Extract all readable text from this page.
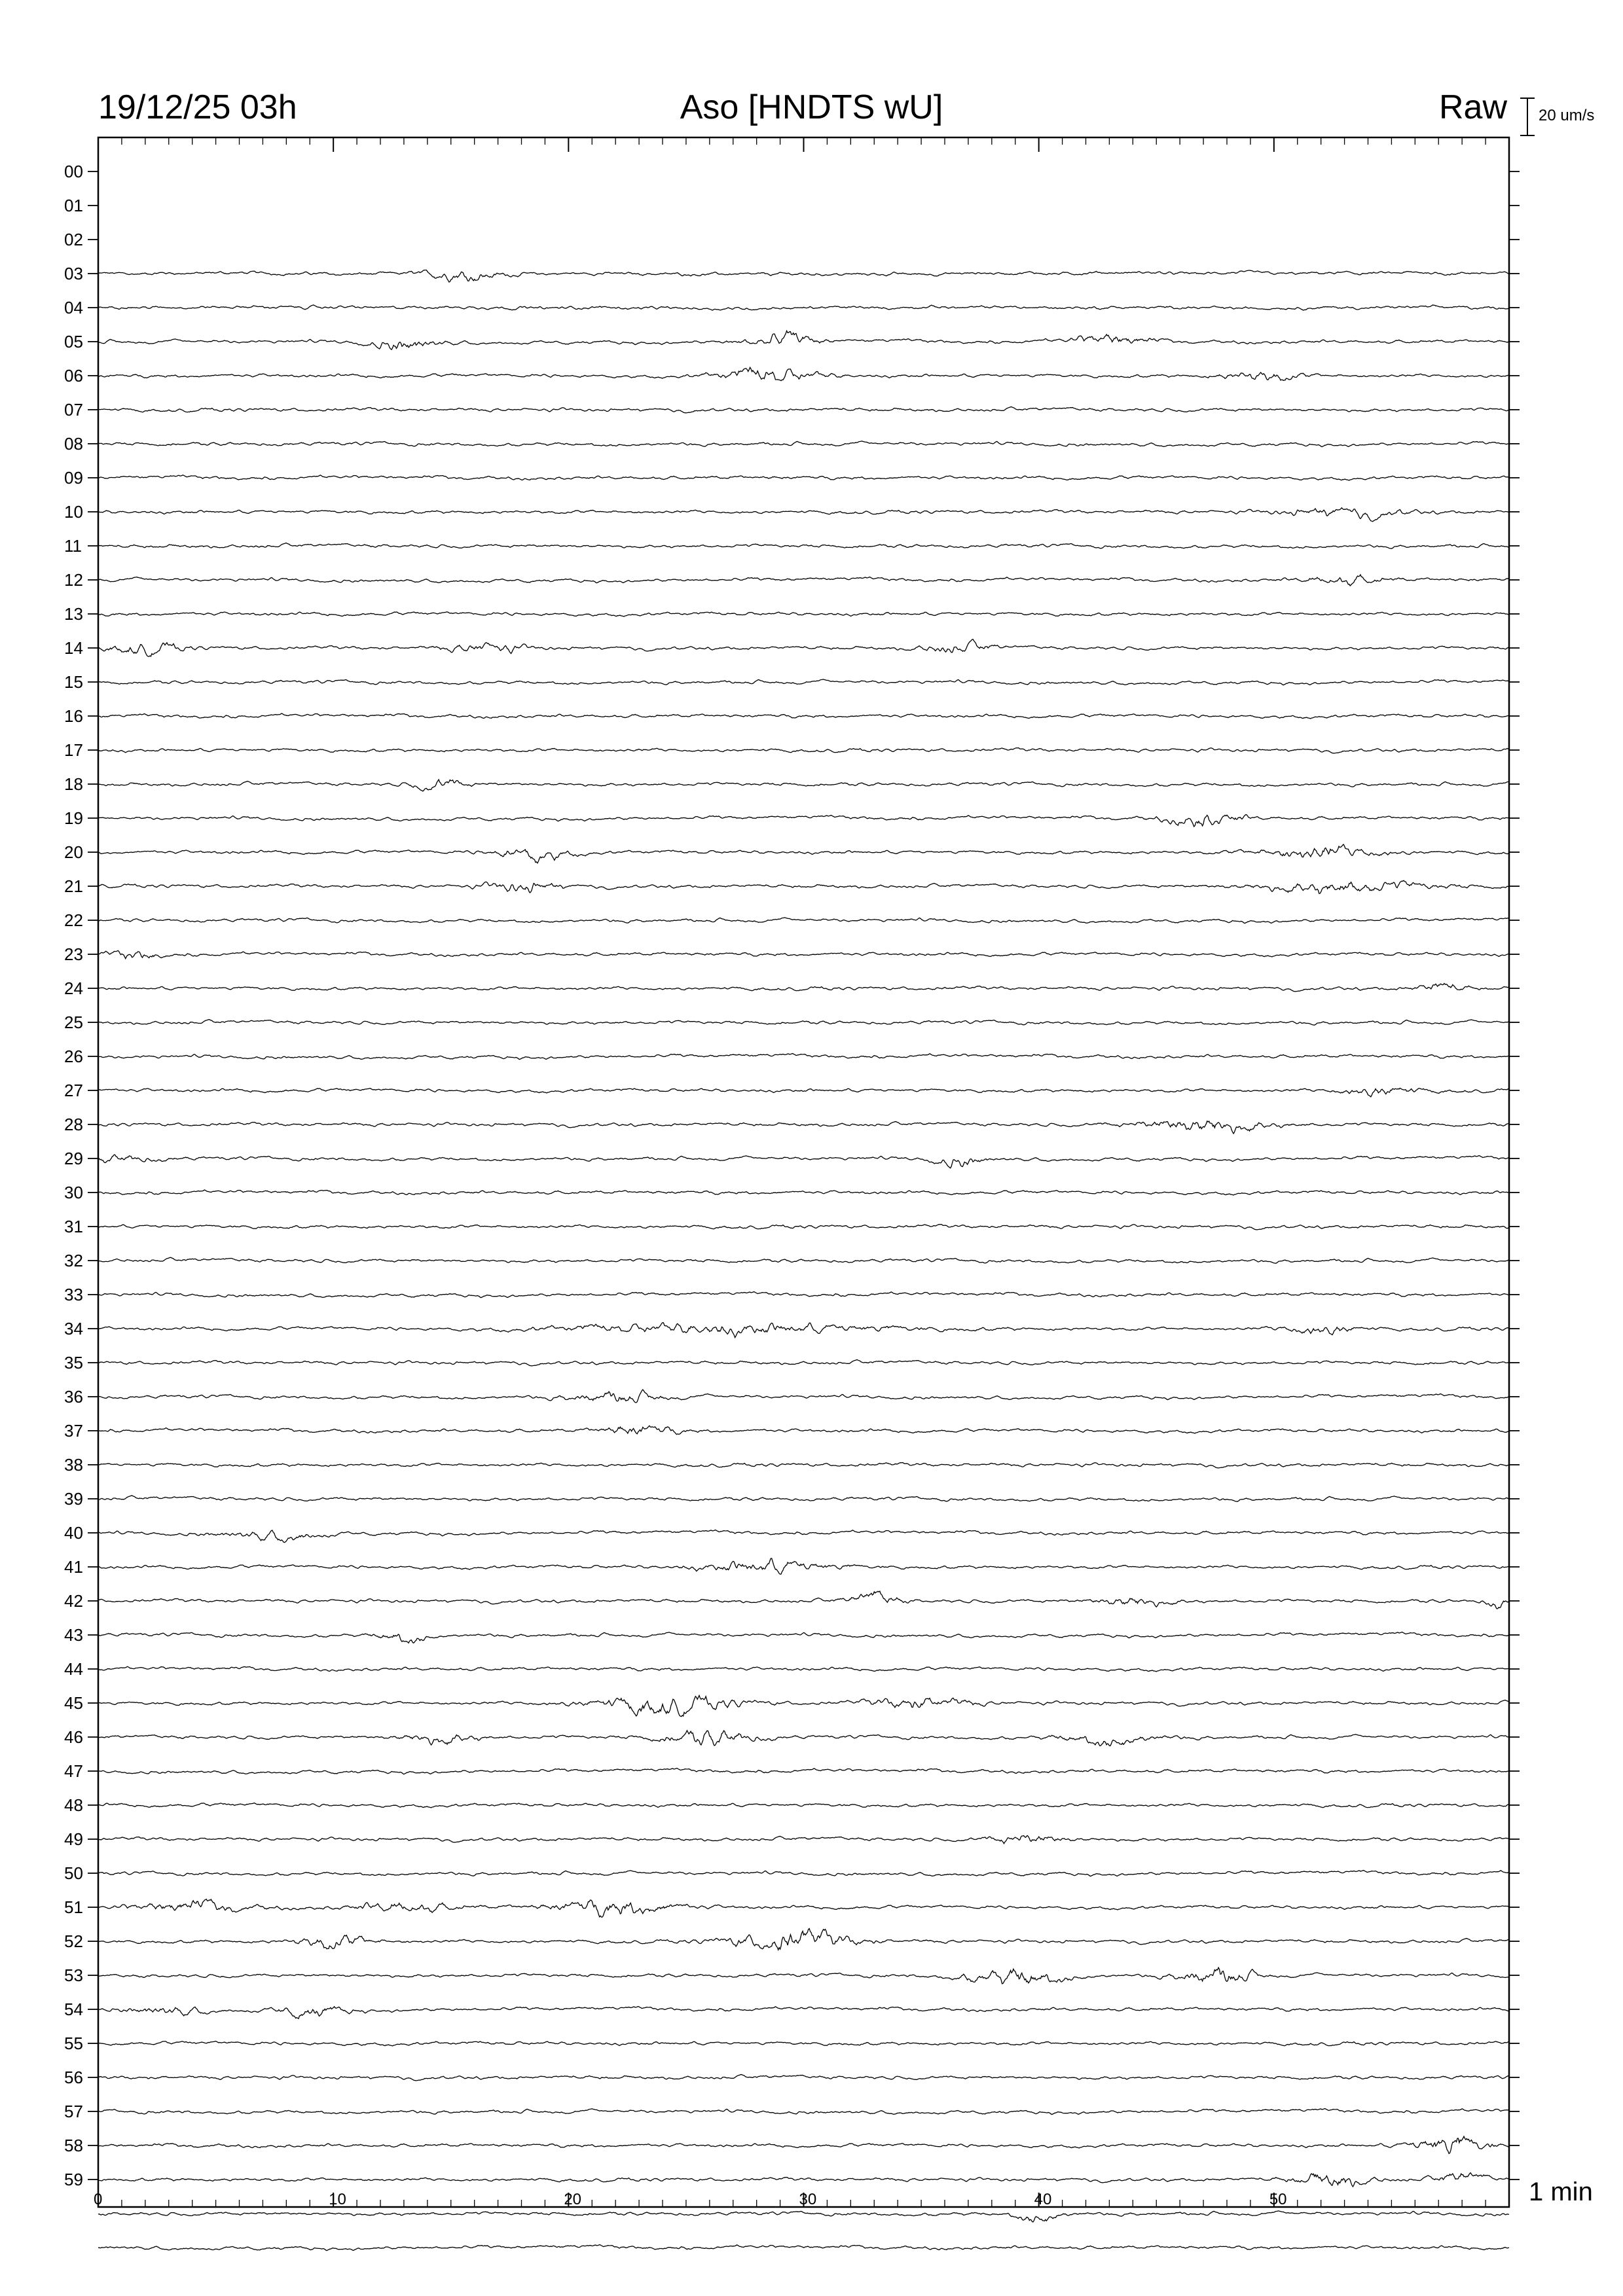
19/12/25 03h	Aso [HNDTS wU]	Raw 20 um/s
00
01
02
03
04
05
06
07
08
09
10
11
12
13
14
15
16
17
18
19
20
21
22
23
24
25
26
27
28
29
30
31
32
33
34
35
36
37
38
39
40
41
42
43
44
45
46
47
48
49
50
51
52
53
54
55
56
57
58
59
0	10	20	30	40	50	1 min
